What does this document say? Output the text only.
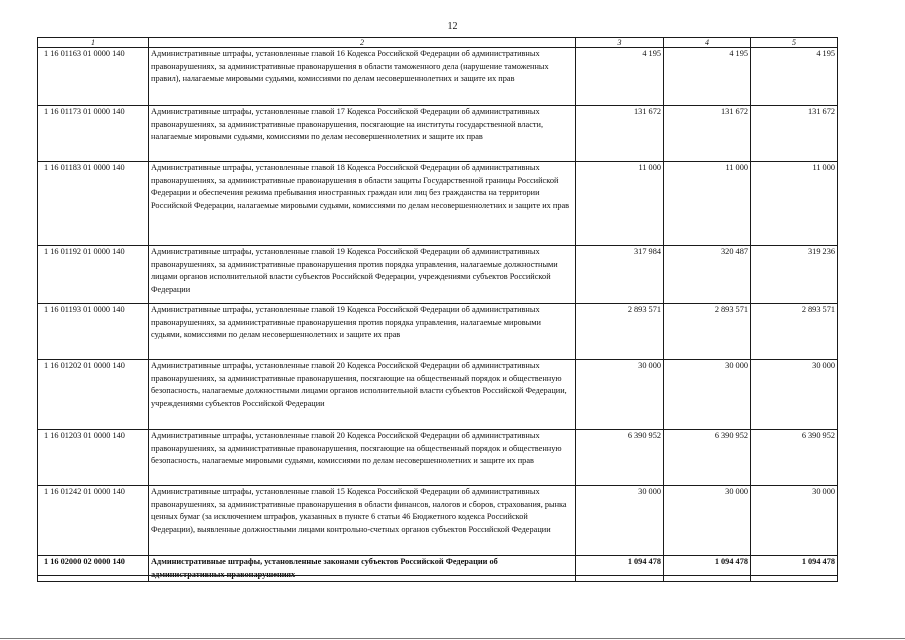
12
1	2	3	4	5
1 16 01163 01 0000 140	Административные штрафы, установленные главой 16 Кодекса Российской Федерации об административных правонарушениях, за административные правонарушения в области таможенного дела (нарушение таможенных правил), налагаемые мировыми судьями, комиссиями по делам несовершеннолетних и защите их прав	4 195	4 195	4 195
1 16 01173 01 0000 140	Административные штрафы, установленные главой 17 Кодекса Российской Федерации об административных правонарушениях, за административные правонарушения, посягающие на институты государственной власти, налагаемые мировыми судьями, комиссиями по делам несовершеннолетних и защите их прав	131 672	131 672	131 672
1 16 01183 01 0000 140	Административные штрафы, установленные главой 18 Кодекса Российской Федерации об административных правонарушениях, за административные правонарушения в области защиты Государственной границы Российской Федерации и обеспечения режима пребывания иностранных граждан или лиц без гражданства на территории Российской Федерации, налагаемые мировыми судьями, комиссиями по делам несовершеннолетних и защите их прав	11 000	11 000	11 000
1 16 01192 01 0000 140	Административные штрафы, установленные главой 19 Кодекса Российской Федерации об административных правонарушениях, за административные правонарушения против порядка управления, налагаемые должностными лицами органов исполнительной власти субъектов Российской Федерации, учреждениями субъектов Российской Федерации	317 984	320 487	319 236
1 16 01193 01 0000 140	Административные штрафы, установленные главой 19 Кодекса Российской Федерации об административных правонарушениях, за административные правонарушения против порядка управления, налагаемые мировыми судьями, комиссиями по делам несовершеннолетних и защите их прав	2 893 571	2 893 571	2 893 571
1 16 01202 01 0000 140	Административные штрафы, установленные главой 20 Кодекса Российской Федерации об административных правонарушениях, за административные правонарушения, посягающие на общественный порядок и общественную безопасность, налагаемые должностными лицами органов исполнительной власти субъектов Российской Федерации, учреждениями субъектов Российской Федерации	30 000	30 000	30 000
1 16 01203 01 0000 140	Административные штрафы, установленные главой 20 Кодекса Российской Федерации об административных правонарушениях, за административные правонарушения, посягающие на общественный порядок и общественную безопасность, налагаемые мировыми судьями, комиссиями по делам несовершеннолетних и защите их прав	6 390 952	6 390 952	6 390 952
1 16 01242 01 0000 140	Административные штрафы, установленные главой 15 Кодекса Российской Федерации об административных правонарушениях, за административные правонарушения в области финансов, налогов и сборов, страхования, рынка ценных бумаг (за исключением штрафов, указанных в пункте 6 статьи 46 Бюджетного кодекса Российской Федерации), выявленные должностными лицами контрольно-счетных органов субъектов Российской Федерации	30 000	30 000	30 000
1 16 02000 02 0000 140	Административные штрафы, установленные законами субъектов Российской Федерации об административных правонарушениях	1 094 478	1 094 478	1 094 478
